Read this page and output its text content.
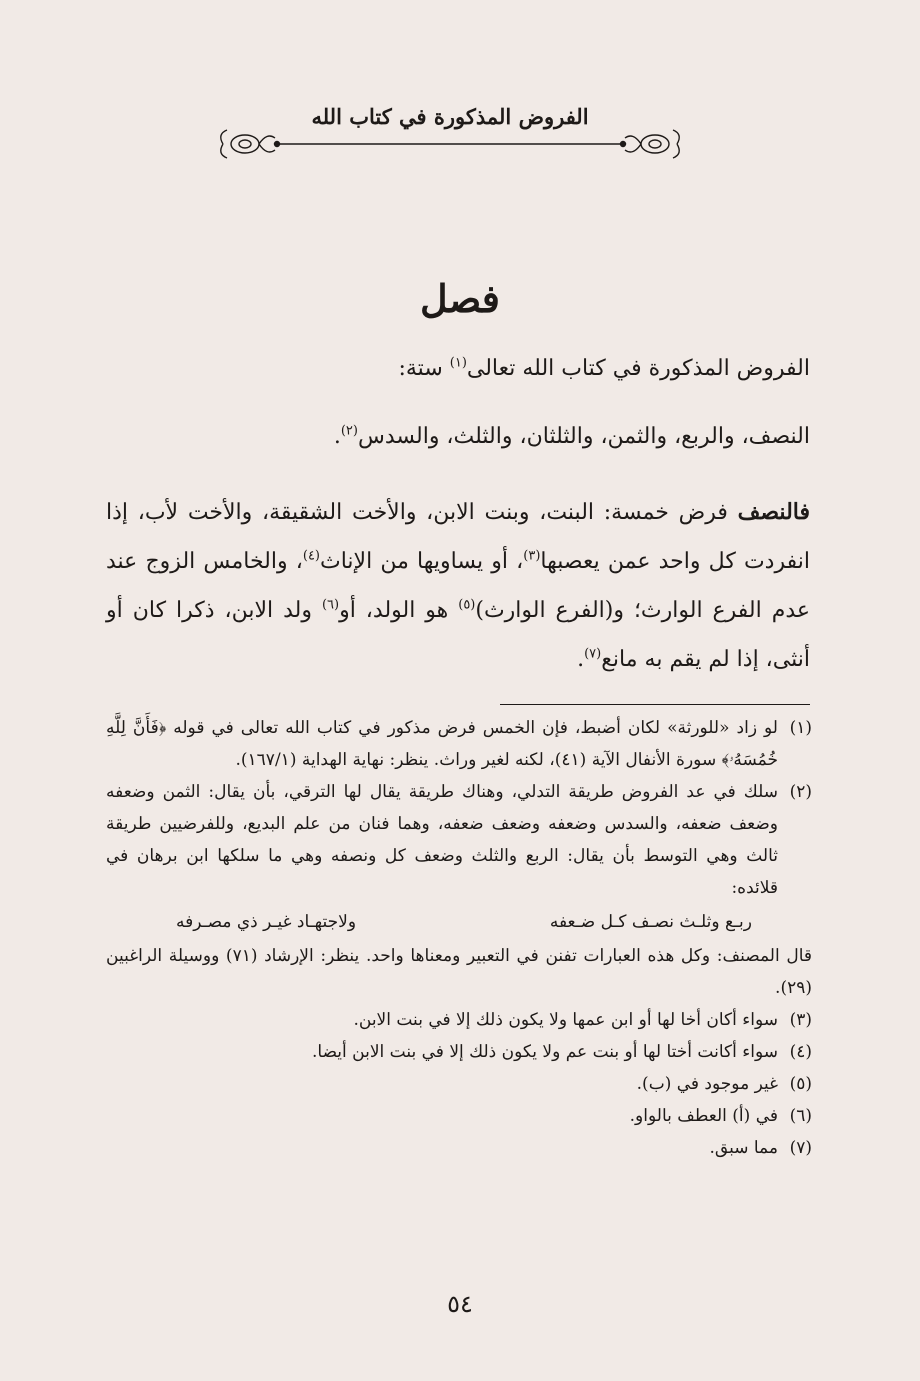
الفروض المذكورة في كتاب الله
فصل
الفروض المذكورة في كتاب الله تعالى$^{(١)}$ ستة:
النصف، والربع، والثمن، والثلثان، والثلث، والسدس$^{(٢)}$.
فالنصف فرض خمسة: البنت، وبنت الابن، والأخت الشقيقة، والأخت لأب، إذا انفردت كل واحد عمن يعصبها$^{(٣)}$، أو يساويها من الإناث$^{(٤)}$، والخامس الزوج عند عدم الفرع الوارث؛ و(الفرع الوارث)$^{(٥)}$ هو الولد، أو$^{(٦)}$ ولد الابن، ذكرا كان أو أنثى، إذا لم يقم به مانع$^{(٧)}$.
(١)
لو زاد «للورثة» لكان أضبط، فإن الخمس فرض مذكور في كتاب الله تعالى في قوله ﴿فَأَنَّ لِلَّهِ خُمُسَهُۥ﴾ سورة الأنفال الآية (٤١)، لكنه لغير وراث. ينظر: نهاية الهداية (١٦٧/١).
(٢)
سلك في عد الفروض طريقة التدلي، وهناك طريقة يقال لها الترقي، بأن يقال: الثمن وضعفه وضعف ضعفه، والسدس وضعفه وضعف ضعفه، وهما فنان من علم البديع، وللفرضيين طريقة ثالث وهي التوسط بأن يقال: الربع والثلث وضعف كل ونصفه وهي ما سلكها ابن برهان في قلائده:
ربـع وثلـث نصـف كـل ضـعفه
ولاجتهـاد غيـر ذي مصـرفه
قال المصنف: وكل هذه العبارات تفنن في التعبير ومعناها واحد. ينظر: الإرشاد (٧١) ووسيلة الراغبين (٢٩).
(٣)
سواء أكان أخا لها أو ابن عمها ولا يكون ذلك إلا في بنت الابن.
(٤)
سواء أكانت أختا لها أو بنت عم ولا يكون ذلك إلا في بنت الابن أيضا.
(٥)
غير موجود في (ب).
(٦)
في (أ) العطف بالواو.
(٧)
مما سبق.
٥٤
